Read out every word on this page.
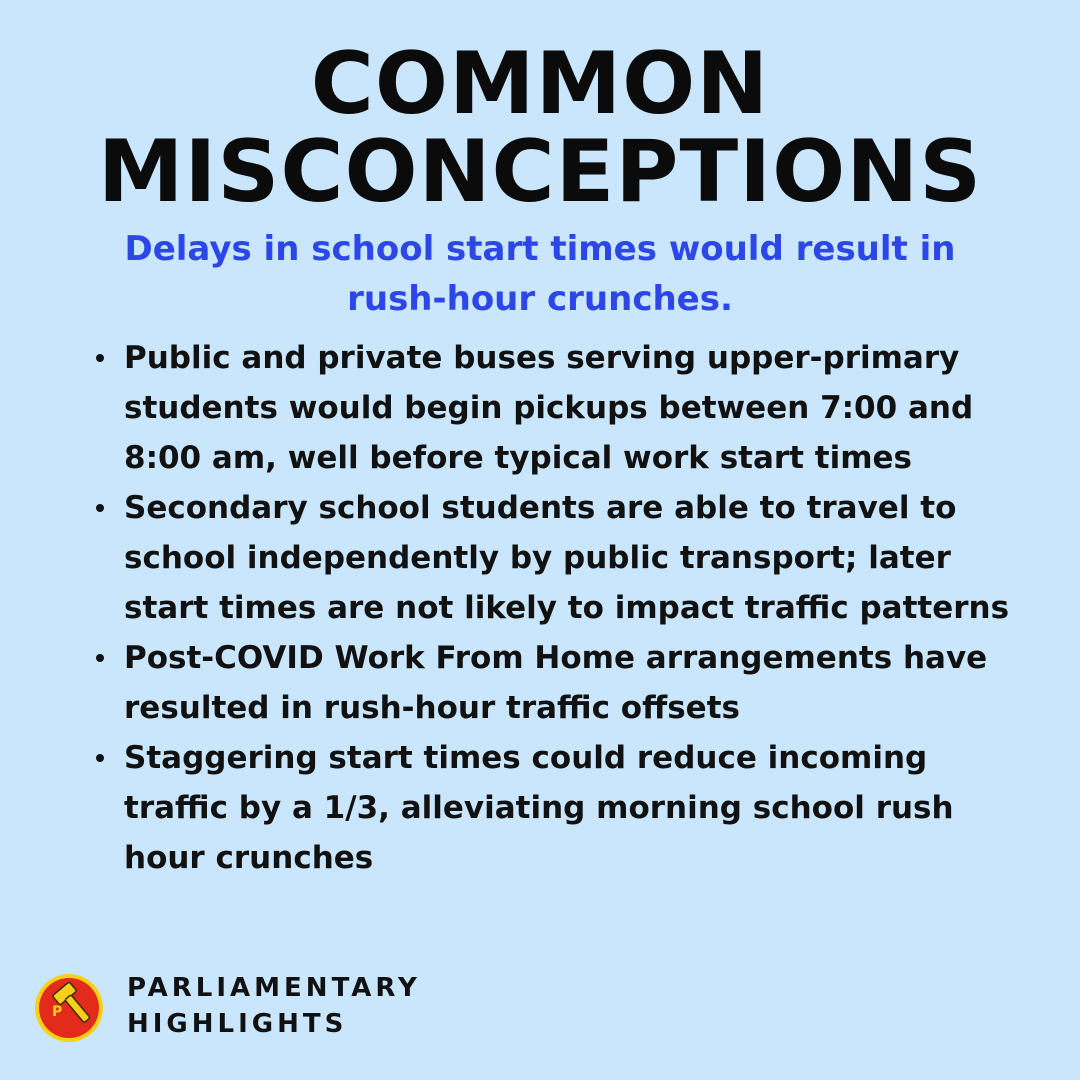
COMMON
MISCONCEPTIONS

Delays in school start times would result in rush-hour crunches.

Public and private buses serving upper-primary students would begin pickups between 7:00 and 8:00 am, well before typical work start times
Secondary school students are able to travel to school independently by public transport; later start times are not likely to impact traffic patterns
Post-COVID Work From Home arrangements have resulted in rush-hour traffic offsets
Staggering start times could reduce incoming traffic by a 1/3, alleviating morning school rush hour crunches
P
PARLIAMENTARY
HIGHLIGHTS
